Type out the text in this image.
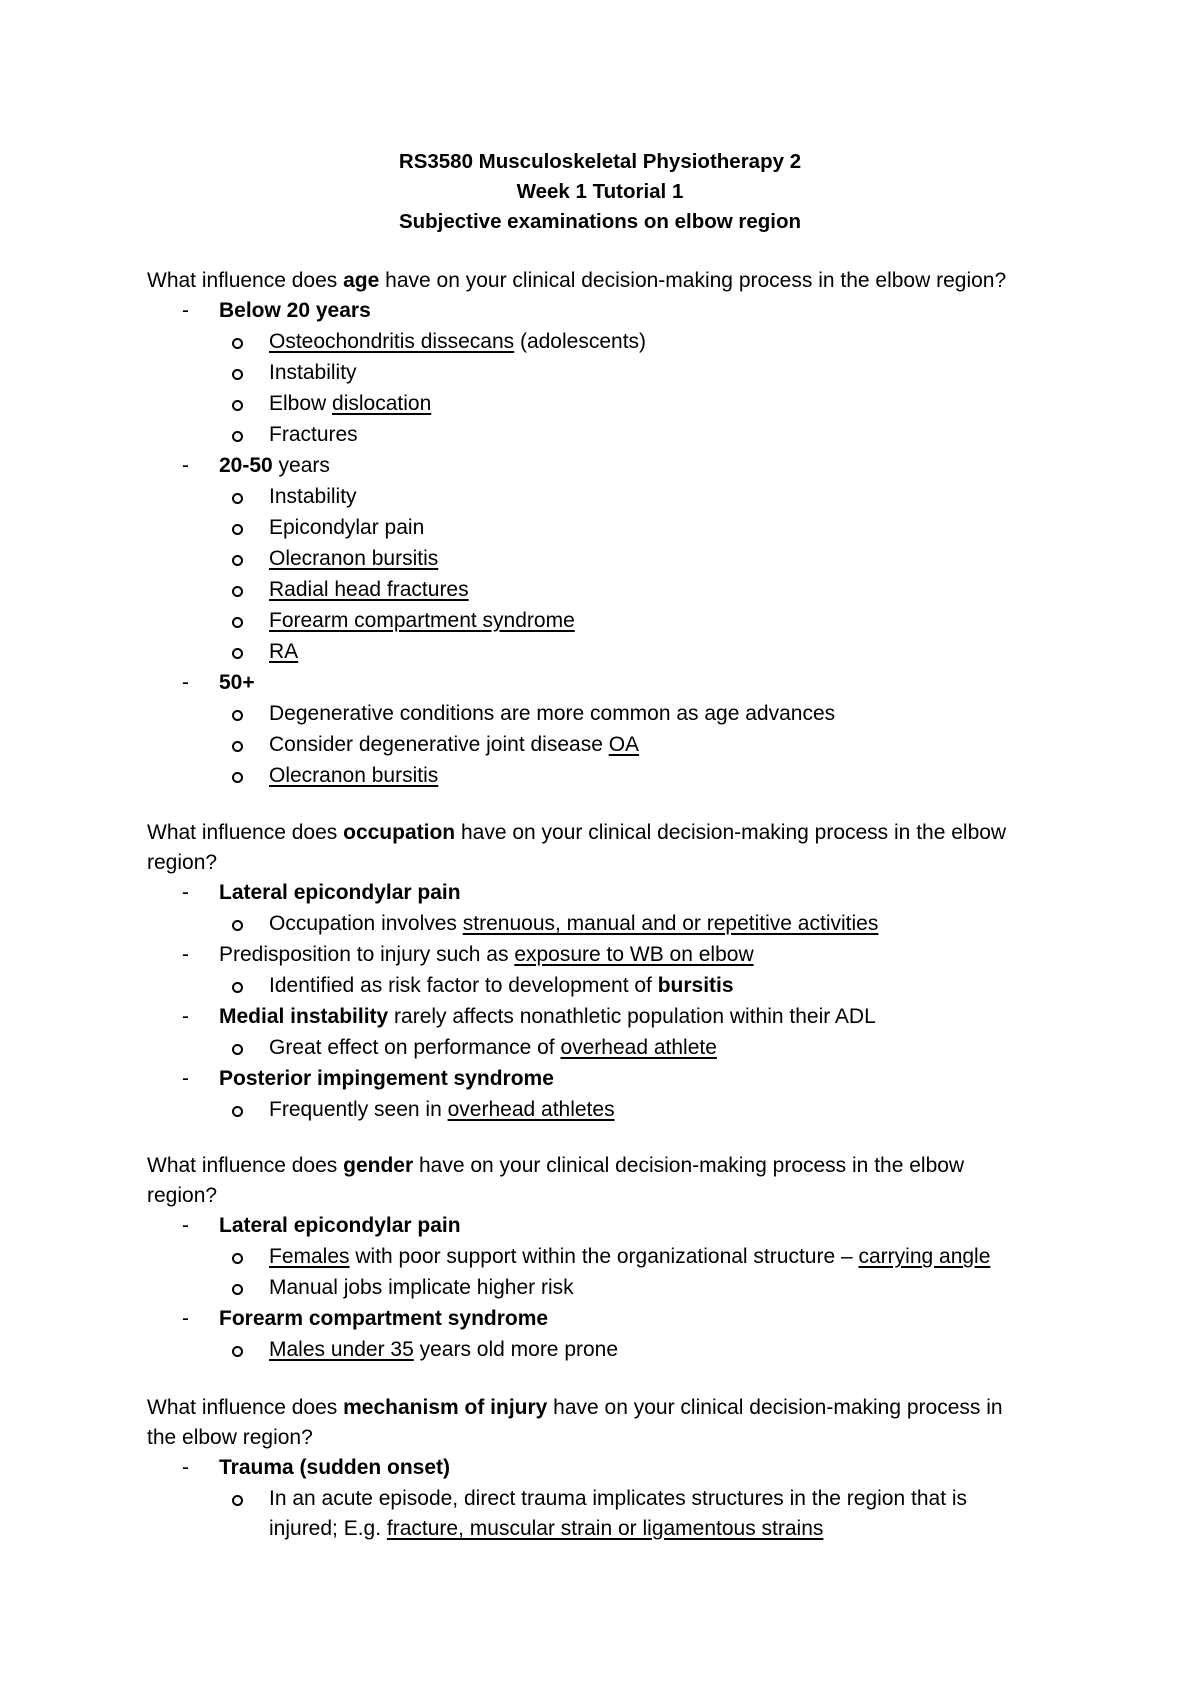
RS3580 Musculoskeletal Physiotherapy 2
Week 1 Tutorial 1
Subjective examinations on elbow region
What influence does age have on your clinical decision-making process in the elbow region?
- Below 20 years
Osteochondritis dissecans (adolescents)
Instability
Elbow dislocation
Fractures
- 20-50 years
Instability
Epicondylar pain
Olecranon bursitis
Radial head fractures
Forearm compartment syndrome
RA
- 50+
Degenerative conditions are more common as age advances
Consider degenerative joint disease OA
Olecranon bursitis
What influence does occupation have on your clinical decision-making process in the elbow
region?
- Lateral epicondylar pain
Occupation involves strenuous, manual and or repetitive activities
- Predisposition to injury such as exposure to WB on elbow
Identified as risk factor to development of bursitis
- Medial instability rarely affects nonathletic population within their ADL
Great effect on performance of overhead athlete
- Posterior impingement syndrome
Frequently seen in overhead athletes
What influence does gender have on your clinical decision-making process in the elbow
region?
- Lateral epicondylar pain
Females with poor support within the organizational structure – carrying angle
Manual jobs implicate higher risk
- Forearm compartment syndrome
Males under 35 years old more prone
What influence does mechanism of injury have on your clinical decision-making process in
the elbow region?
- Trauma (sudden onset)
In an acute episode, direct trauma implicates structures in the region that is
injured; E.g. fracture, muscular strain or ligamentous strains
